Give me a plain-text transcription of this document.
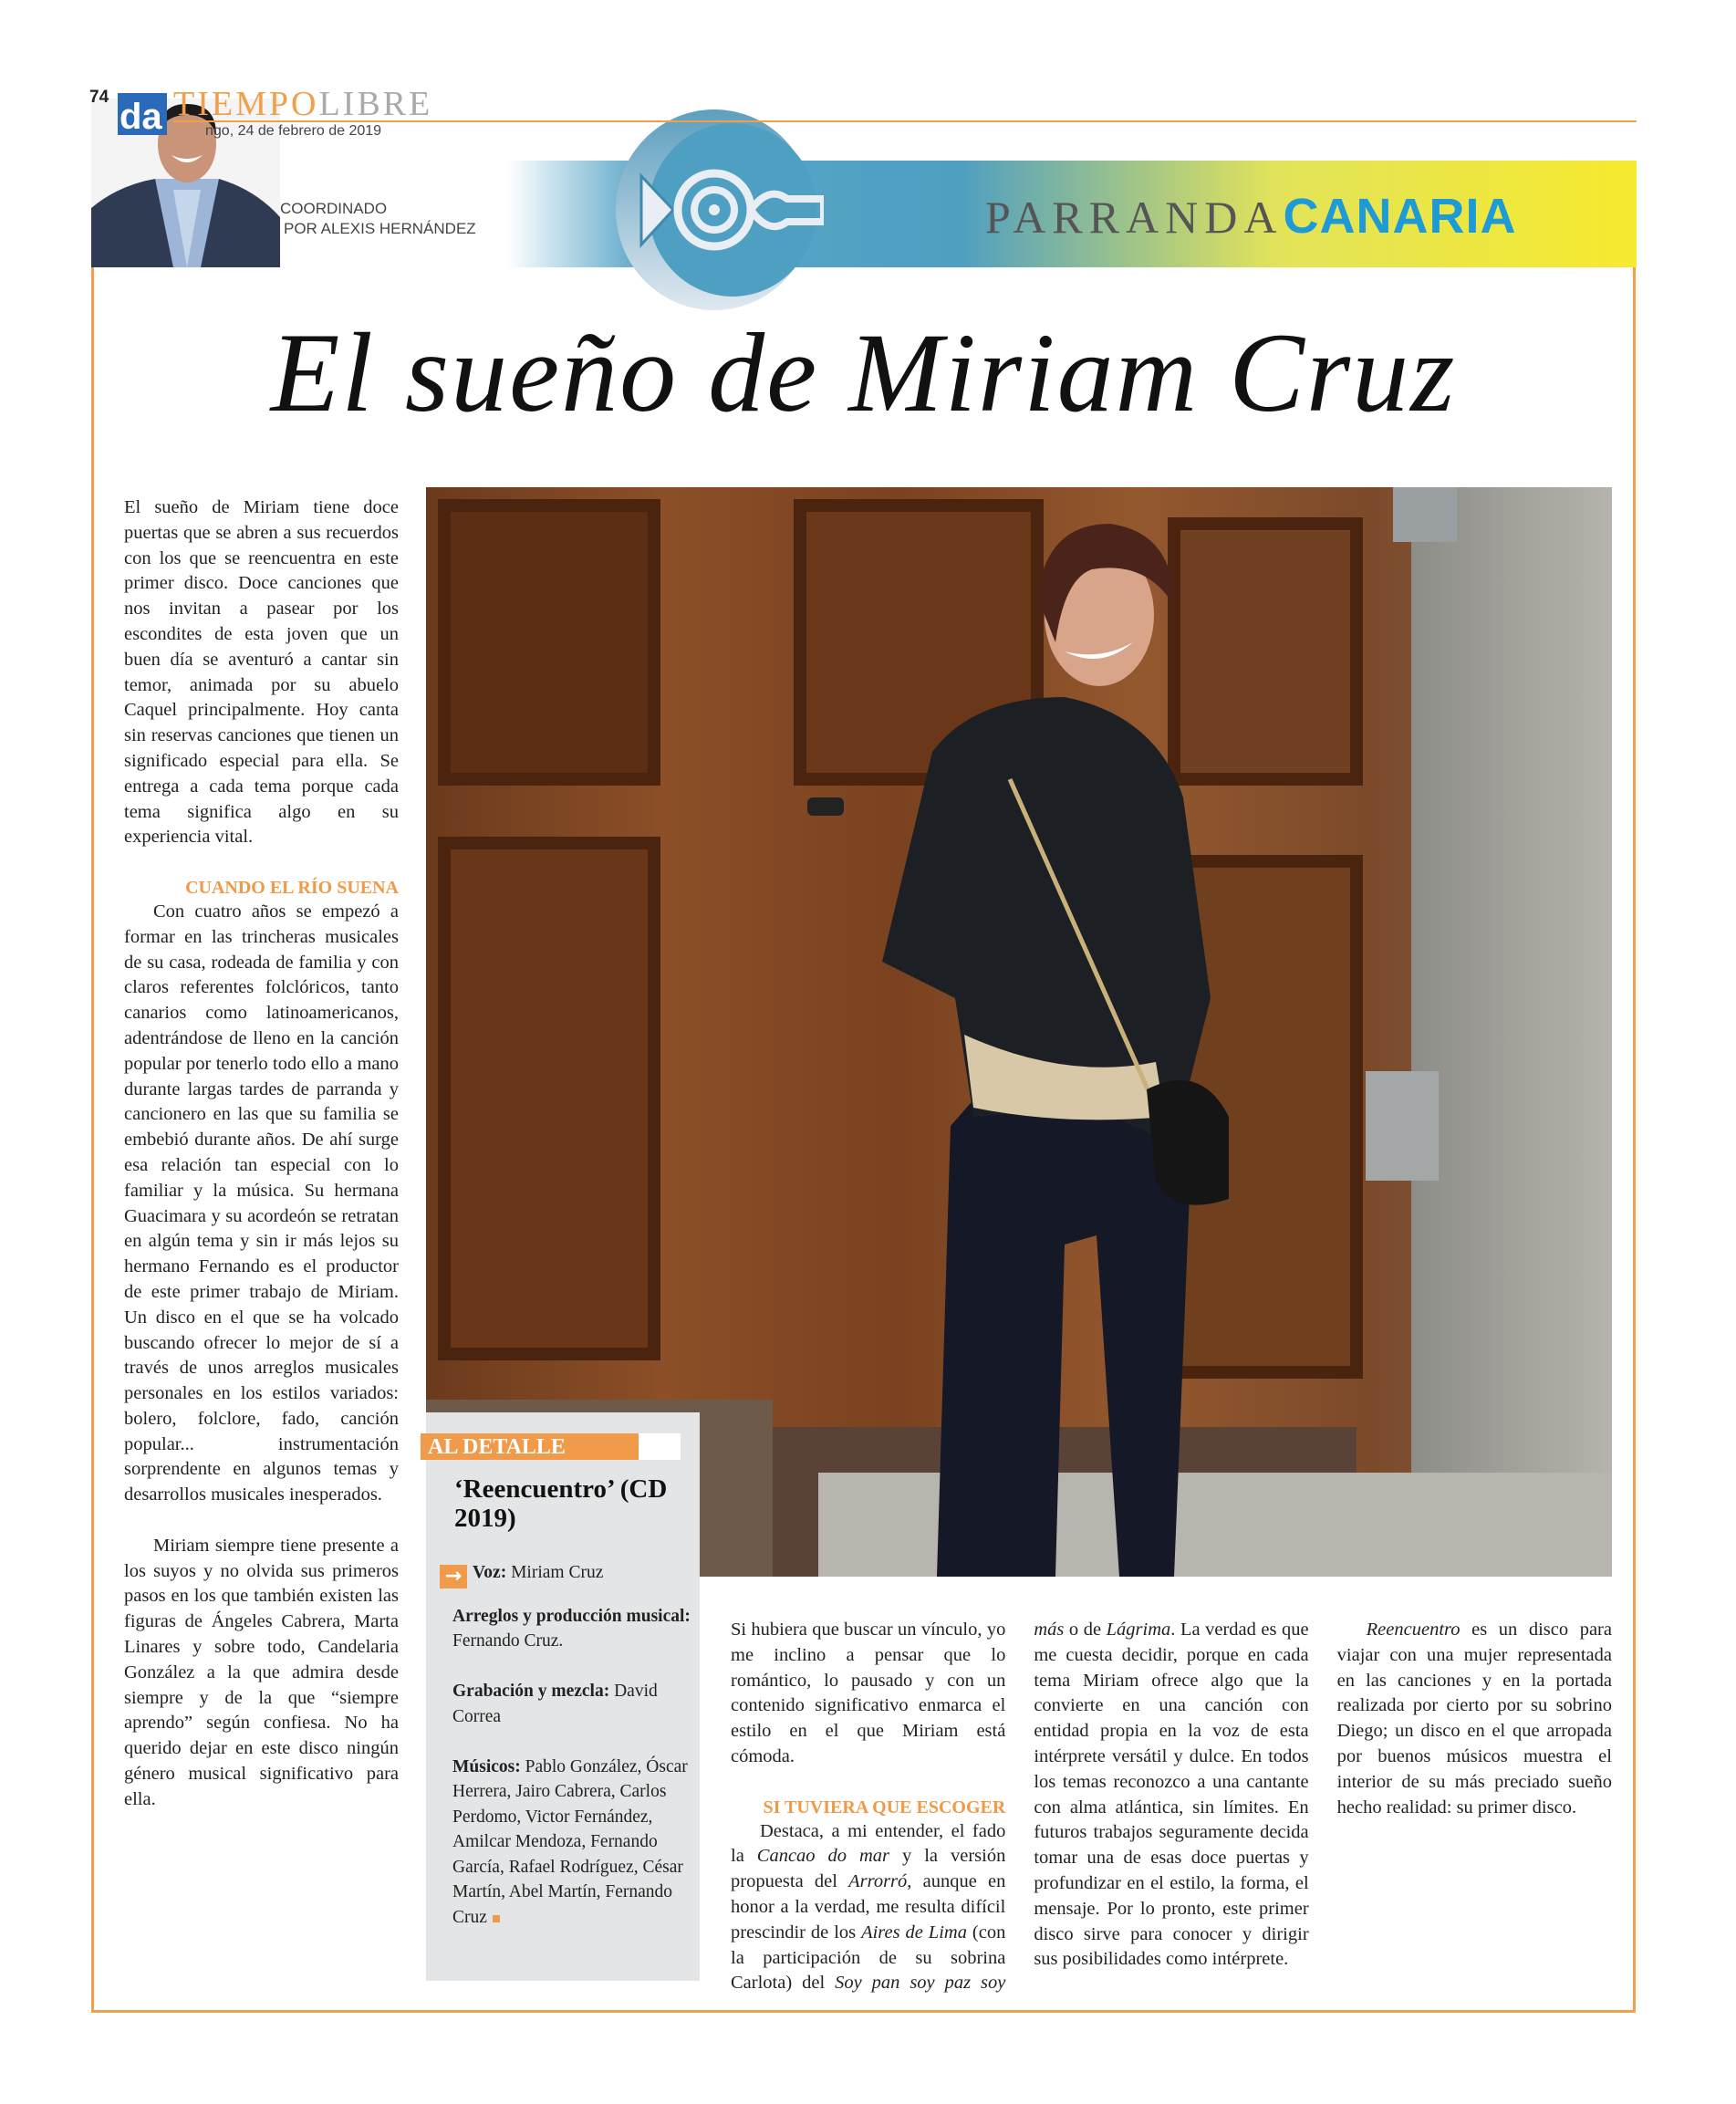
74 da TIEMPOLIBRE
ngo, 24 de febrero de 2019
COORDINADO
POR ALEXIS HERNÁNDEZ	PARRANDACANARIA
El sueño de Miriam Cruz

El sueño de Miriam tiene doce puertas que se abren a sus recuerdos con los que se reencuentra en este primer disco. Doce canciones que nos invitan a pasear por los escondites de esta joven que un buen día se aventuró a cantar sin temor, animada por su abuelo Caquel principalmente. Hoy canta sin reservas canciones que tienen un significado especial para ella. Se entrega a cada tema porque cada tema significa algo en su experiencia vital.

CUANDO EL RÍO SUENA

Con cuatro años se empezó a formar en las trincheras musicales de su casa, rodeada de familia y con claros referentes folclóricos, tanto canarios como latinoamericanos, adentrándose de lleno en la canción popular por tenerlo todo ello a mano durante largas tardes de parranda y cancionero en las que su familia se embebió durante años. De ahí surge esa relación tan especial con lo familiar y la música. Su hermana Guacimara y su acordeón se retratan en algún tema y sin ir más lejos su hermano Fernando es el productor de este primer trabajo de Miriam. Un disco en el que se ha volcado buscando ofrecer lo mejor de sí a través de unos arreglos musicales personales en los estilos variados: bolero, folclore, fado, canción popular... instrumentación sorprendente en algunos temas y desarrollos musicales inesperados.

Miriam siempre tiene presente a los suyos y no olvida sus primeros pasos en los que también existen las figuras de Ángeles Cabrera, Marta Linares y sobre todo, Candelaria González a la que admira desde siempre y de la que “siempre aprendo” según confiesa. No ha querido dejar en este disco ningún género musical significativo para ella.

AL DETALLE
‘Reencuentro’ (CD 2019)
→ Voz: Miriam Cruz

Arreglos y producción musical: Fernando Cruz.

Grabación y mezcla: David Correa

Músicos: Pablo González, Óscar Herrera, Jairo Cabrera, Carlos Perdomo, Victor Fernández, Amilcar Mendoza, Fernando García, Rafael Rodríguez, César Martín, Abel Martín, Fernando Cruz

Si hubiera que buscar un vínculo, yo me inclino a pensar que lo romántico, lo pausado y con un contenido significativo enmarca el estilo en el que Miriam está cómoda.

SI TUVIERA QUE ESCOGER

Destaca, a mi entender, el fado la Cancao do mar y la versión propuesta del Arrorró, aunque en honor a la verdad, me resulta difícil prescindir de los Aires de Lima (con la participación de su sobrina Carlota) del Soy pan soy paz soy más o de Lágrima. La verdad es que me cuesta decidir, porque en cada tema Miriam ofrece algo que la convierte en una canción con entidad propia en la voz de esta intérprete versátil y dulce. En todos los temas reconozco a una cantante con alma atlántica, sin límites. En futuros trabajos seguramente decida tomar una de esas doce puertas y profundizar en el estilo, la forma, el mensaje. Por lo pronto, este primer disco sirve para conocer y dirigir sus posibilidades como intérprete.

Reencuentro es un disco para viajar con una mujer representada en las canciones y en la portada realizada por cierto por su sobrino Diego; un disco en el que arropada por buenos músicos muestra el interior de su más preciado sueño hecho realidad: su primer disco.
